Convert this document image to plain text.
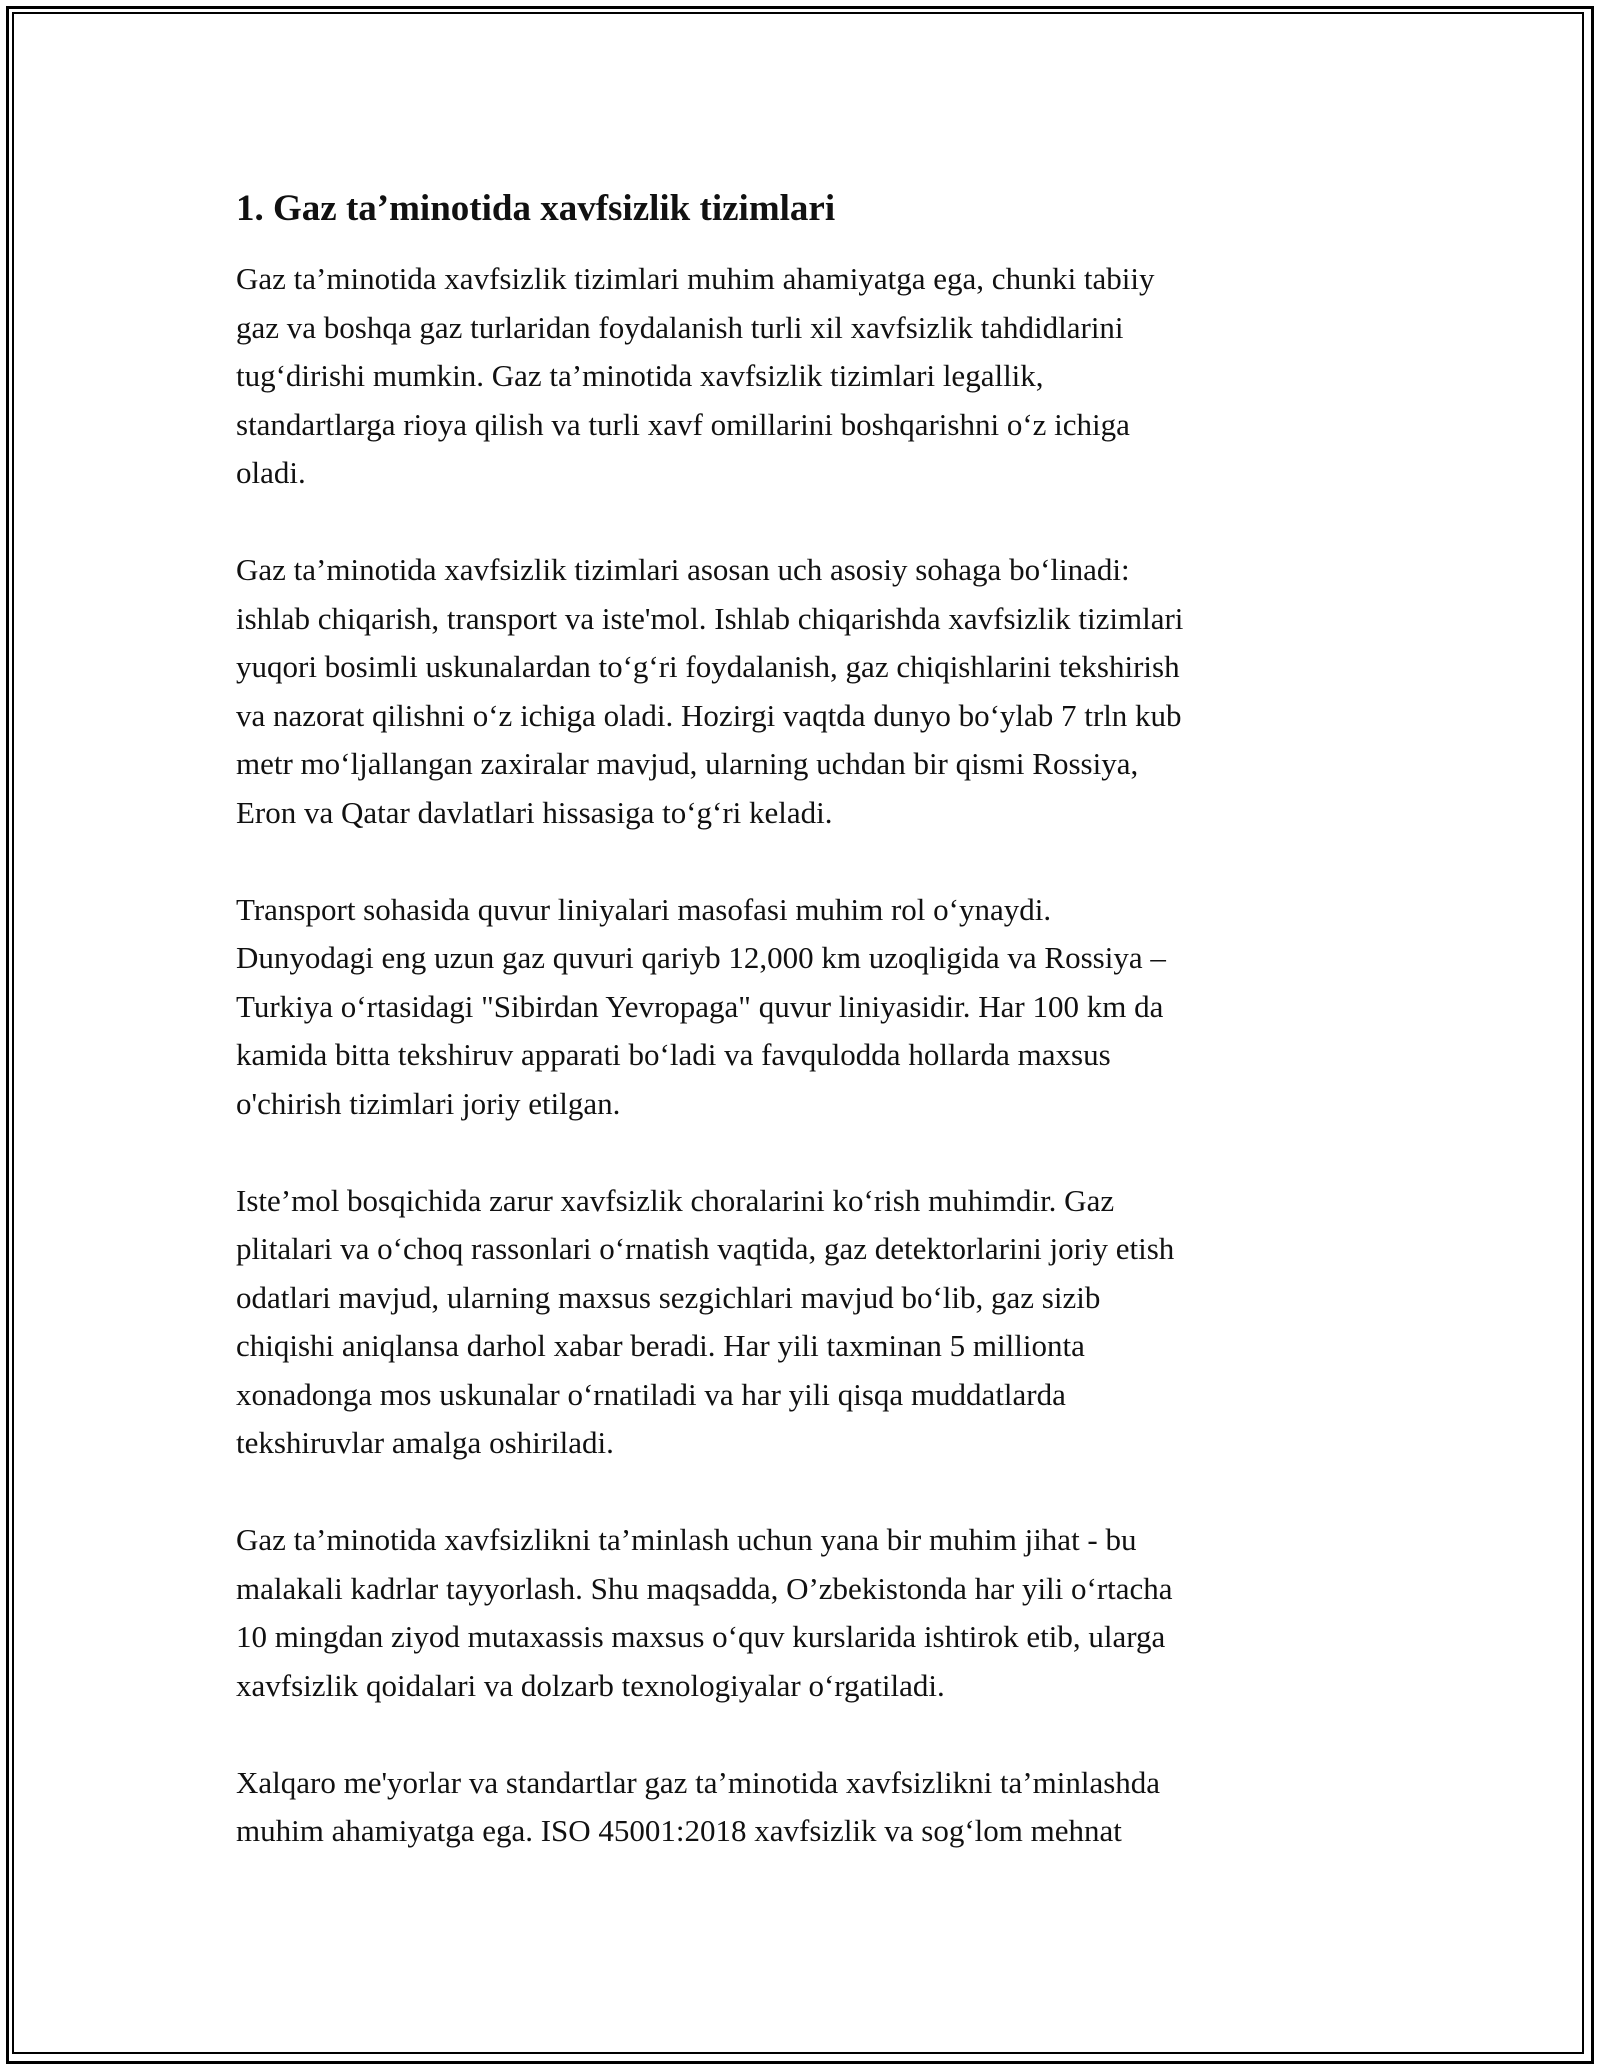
1. Gaz ta’minotida xavfsizlik tizimlari

Gaz ta’minotida xavfsizlik tizimlari muhim ahamiyatga ega, chunki tabiiy
gaz va boshqa gaz turlaridan foydalanish turli xil xavfsizlik tahdidlarini
tug‘dirishi mumkin. Gaz ta’minotida xavfsizlik tizimlari legallik,
standartlarga rioya qilish va turli xavf omillarini boshqarishni o‘z ichiga
oladi.

Gaz ta’minotida xavfsizlik tizimlari asosan uch asosiy sohaga bo‘linadi:
ishlab chiqarish, transport va iste'mol. Ishlab chiqarishda xavfsizlik tizimlari
yuqori bosimli uskunalardan to‘g‘ri foydalanish, gaz chiqishlarini tekshirish
va nazorat qilishni o‘z ichiga oladi. Hozirgi vaqtda dunyo bo‘ylab 7 trln kub
metr mo‘ljallangan zaxiralar mavjud, ularning uchdan bir qismi Rossiya,
Eron va Qatar davlatlari hissasiga to‘g‘ri keladi.

Transport sohasida quvur liniyalari masofasi muhim rol o‘ynaydi.
Dunyodagi eng uzun gaz quvuri qariyb 12,000 km uzoqligida va Rossiya –
Turkiya o‘rtasidagi "Sibirdan Yevropaga" quvur liniyasidir. Har 100 km da
kamida bitta tekshiruv apparati bo‘ladi va favqulodda hollarda maxsus
o'chirish tizimlari joriy etilgan.

Iste’mol bosqichida zarur xavfsizlik choralarini ko‘rish muhimdir. Gaz
plitalari va o‘choq rassonlari o‘rnatish vaqtida, gaz detektorlarini joriy etish
odatlari mavjud, ularning maxsus sezgichlari mavjud bo‘lib, gaz sizib
chiqishi aniqlansa darhol xabar beradi. Har yili taxminan 5 millionta
xonadonga mos uskunalar o‘rnatiladi va har yili qisqa muddatlarda
tekshiruvlar amalga oshiriladi.

Gaz ta’minotida xavfsizlikni ta’minlash uchun yana bir muhim jihat - bu
malakali kadrlar tayyorlash. Shu maqsadda, O’zbekistonda har yili o‘rtacha
10 mingdan ziyod mutaxassis maxsus o‘quv kurslarida ishtirok etib, ularga
xavfsizlik qoidalari va dolzarb texnologiyalar o‘rgatiladi.

Xalqaro me'yorlar va standartlar gaz ta’minotida xavfsizlikni ta’minlashda
muhim ahamiyatga ega. ISO 45001:2018 xavfsizlik va sog‘lom mehnat
